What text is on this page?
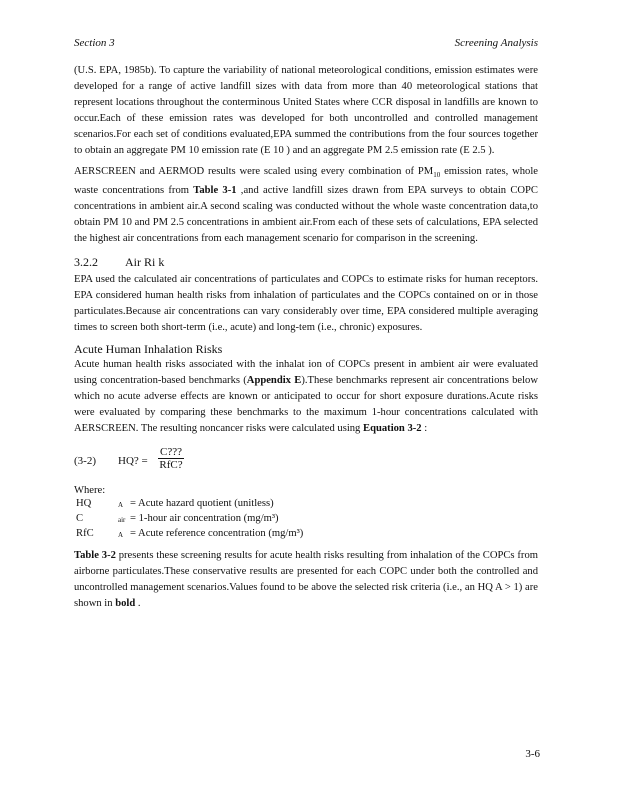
Section 3	Screening Analysis

(U.S. EPA, 1985b). To capture the variability of national meteorological conditions, emission estimates were developed for a range of active landfill sizes with data from more than 40 meteorological stations that represent locations throughout the conterminous United States where CCR disposal in landfills are known to occur.Each of these emission rates was developed for both uncontrolled and controlled management scenarios.For each set of conditions evaluated,EPA summed the contributions from the four sources together to obtain an aggregate PM 10 emission rate (E 10 ) and an aggregate PM 2.5 emission rate (E 2.5 ).

AERSCREEN and AERMOD results were scaled using every combination of $PM_{10}$ emission rates, whole waste concentrations from Table 3-1 ,and active landfill sizes drawn from EPA surveys to obtain COPC concentrations in ambient air.A second scaling was conducted without the whole waste concentration data,to obtain PM 10 and PM 2.5 concentrations in ambient air.From each of these sets of calculations, EPA selected the highest air concentrations from each management scenario for comparison in the screening.

3.2.2 Air Ri k

EPA used the calculated air concentrations of particulates and COPCs to estimate risks for human receptors. EPA considered human health risks from inhalation of particulates and the COPCs contained on or in those particulates.Because air concentrations can vary considerably over time, EPA considered multiple averaging times to screen both short-term (i.e., acute) and long-tem (i.e., chronic) exposures.

Acute Human Inhalation Risks

Acute human health risks associated with the inhalat ion of COPCs present in ambient air were evaluated using concentration-based benchmarks (Appendix E).These benchmarks represent air concentrations below which no acute adverse effects are known or anticipated to occur for short exposure durations.Acute risks were evaluated by comparing these benchmarks to the maximum 1-hour concentrations calculated with AERSCREEN. The resulting noncancer risks were calculated using Equation 3-2 :

(3-2) HQ? =
C???
RfC?
Where:
HQ	A = Acute hazard quotient (unitless)
C	air = 1-hour air concentration (mg/m³)
RfC	A = Acute reference concentration (mg/m³)

Table 3-2 presents these screening results for acute health risks resulting from inhalation of the COPCs from airborne particulates.These conservative results are presented for each COPC under both the controlled and uncontrolled management scenarios.Values found to be above the selected risk criteria (i.e., an HQ A > 1) are shown in bold .

3-6
